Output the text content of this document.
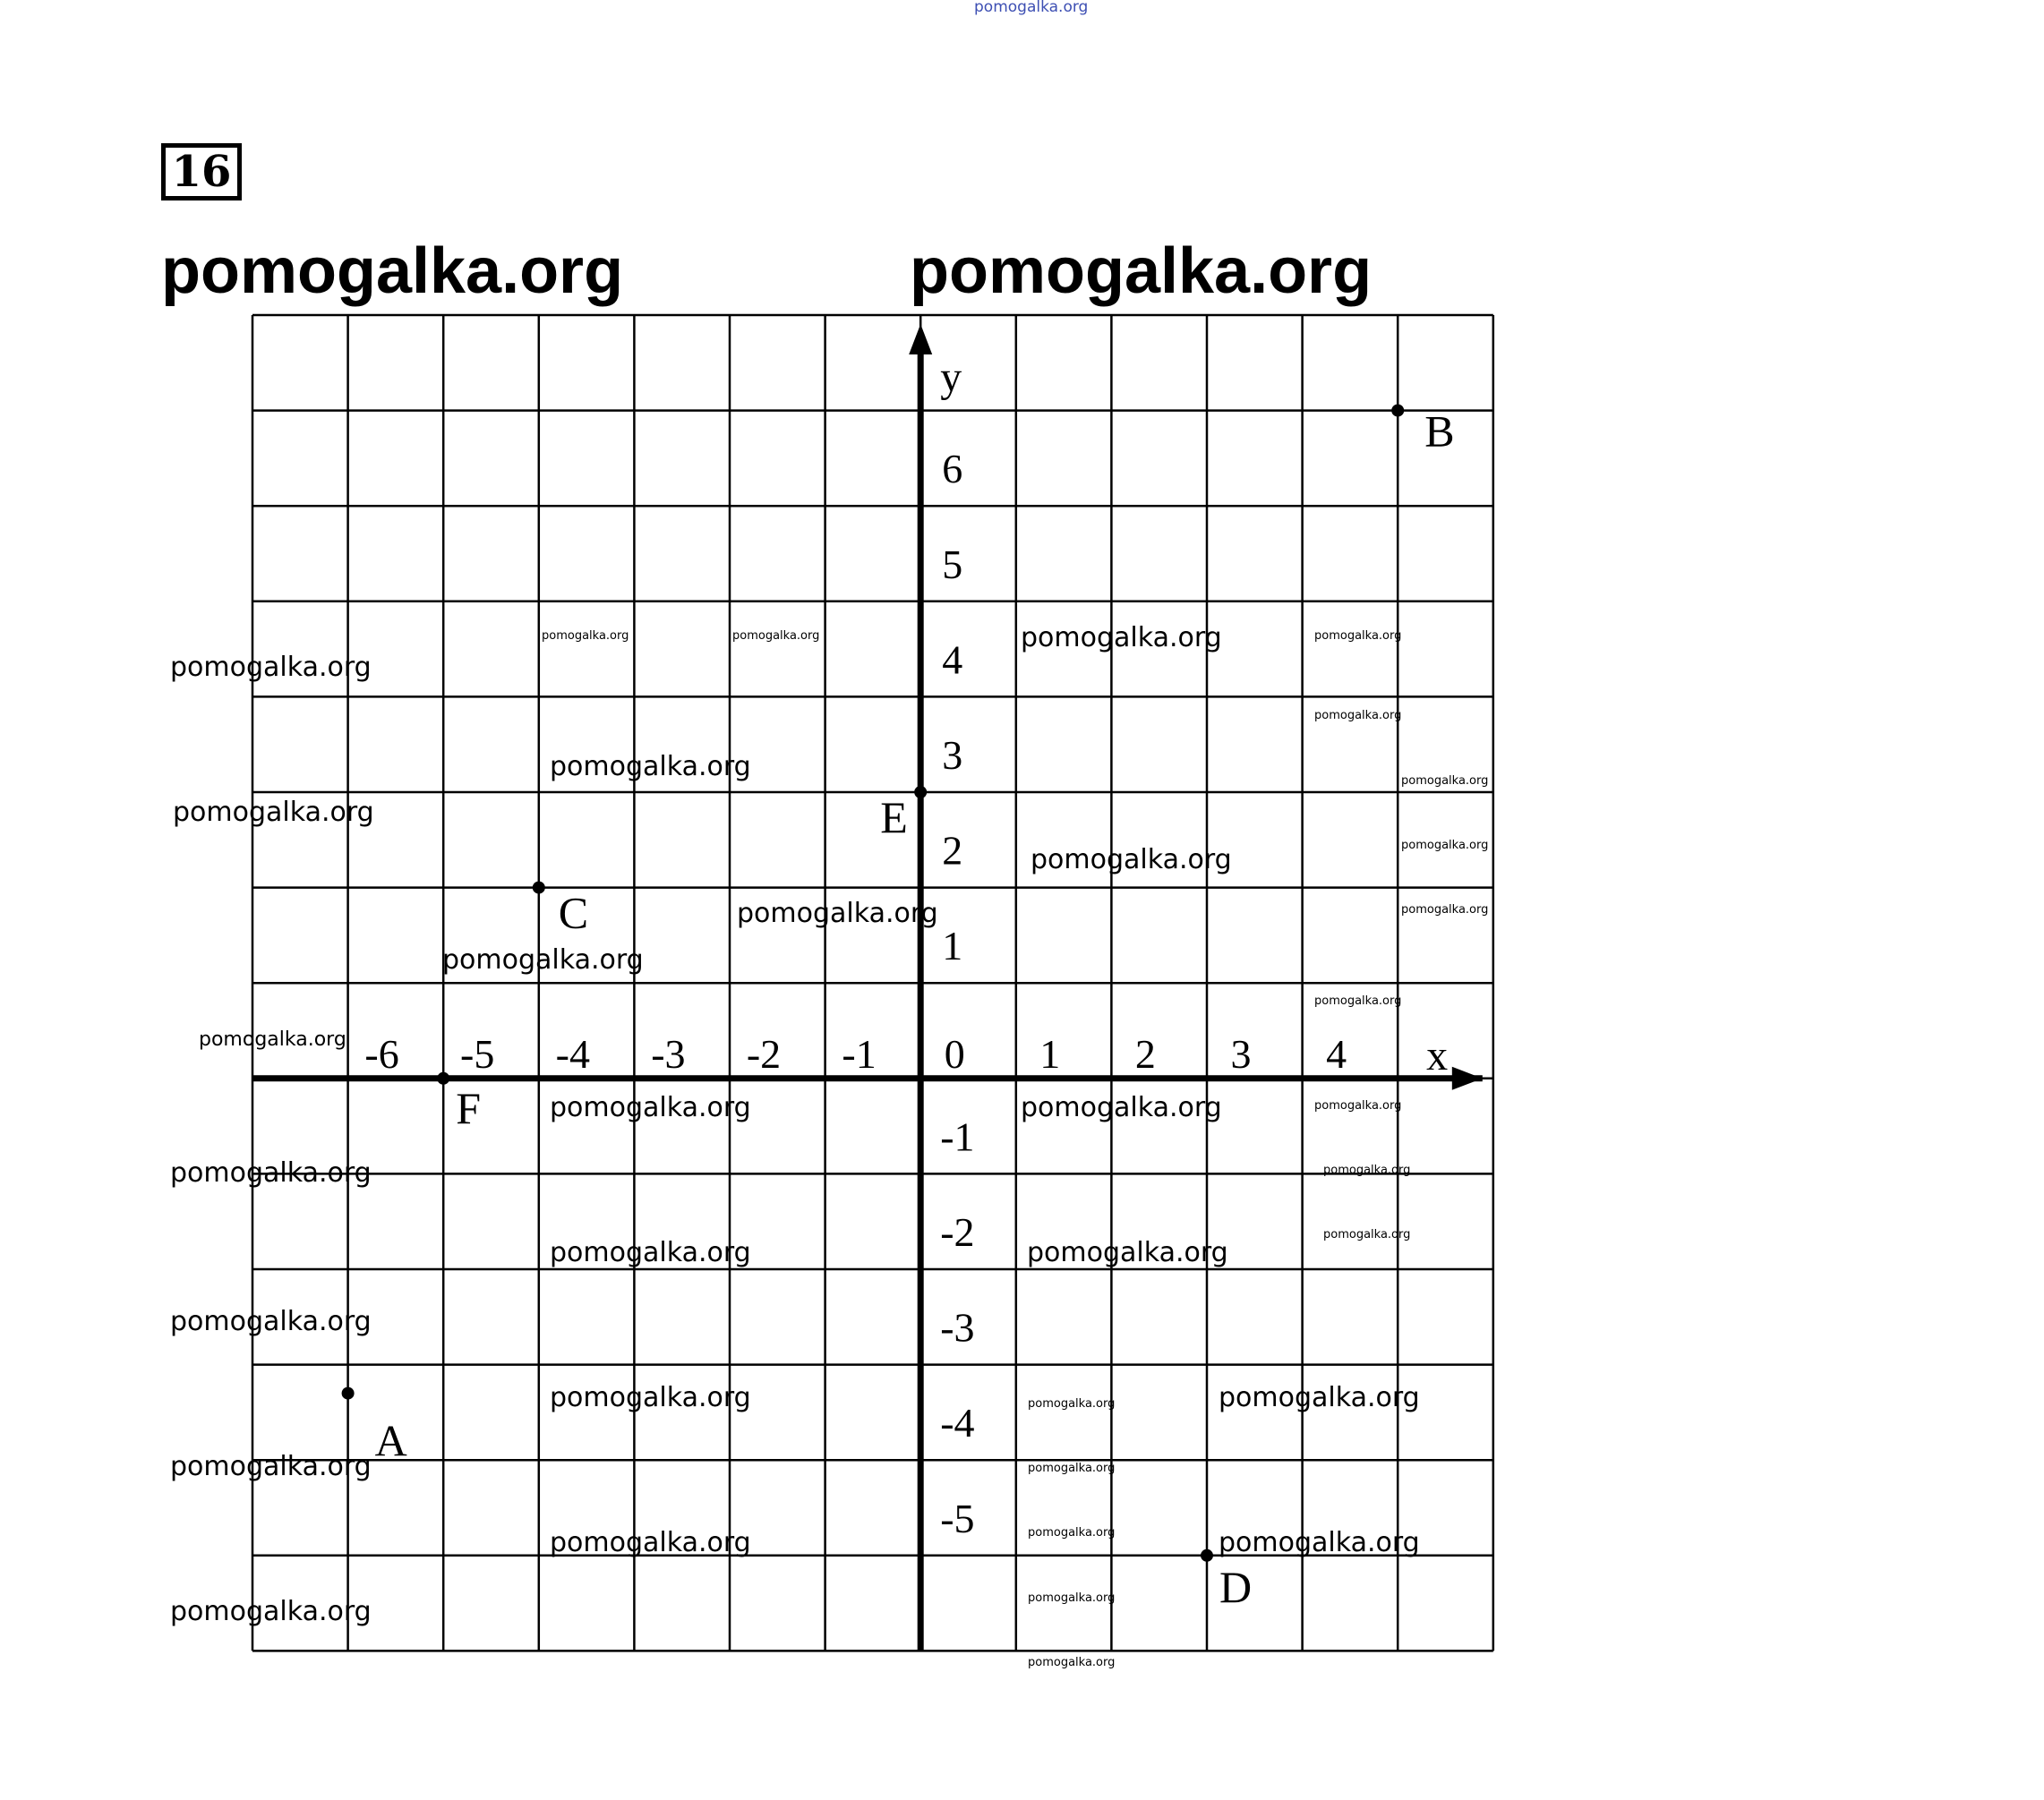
pomogalka.org
16
pomogalka.org	pomogalka.org
x
y
-6 -5 -4 -3 -2 -1 0 1 2 3 4
6
5
4
3
2
1
-1
-2
-3
-4
-5
A
B
C
D
E
F
pomogalka.org
pomogalka.org
pomogalka.org
pomogalka.org
pomogalka.org
pomogalka.org
pomogalka.org
pomogalka.org
pomogalka.org
pomogalka.org
pomogalka.org
pomogalka.org
pomogalka.org
pomogalka.org
pomogalka.org
pomogalka.org
pomogalka.org
pomogalka.org
pomogalka.org
pomogalka.org
pomogalka.org	pomogalka.org	pomogalka.org
pomogalka.org
pomogalka.org
pomogalka.org
pomogalka.org
pomogalka.org
pomogalka.org
pomogalka.org
pomogalka.org
pomogalka.org
pomogalka.org
pomogalka.org
pomogalka.org
pomogalka.org
